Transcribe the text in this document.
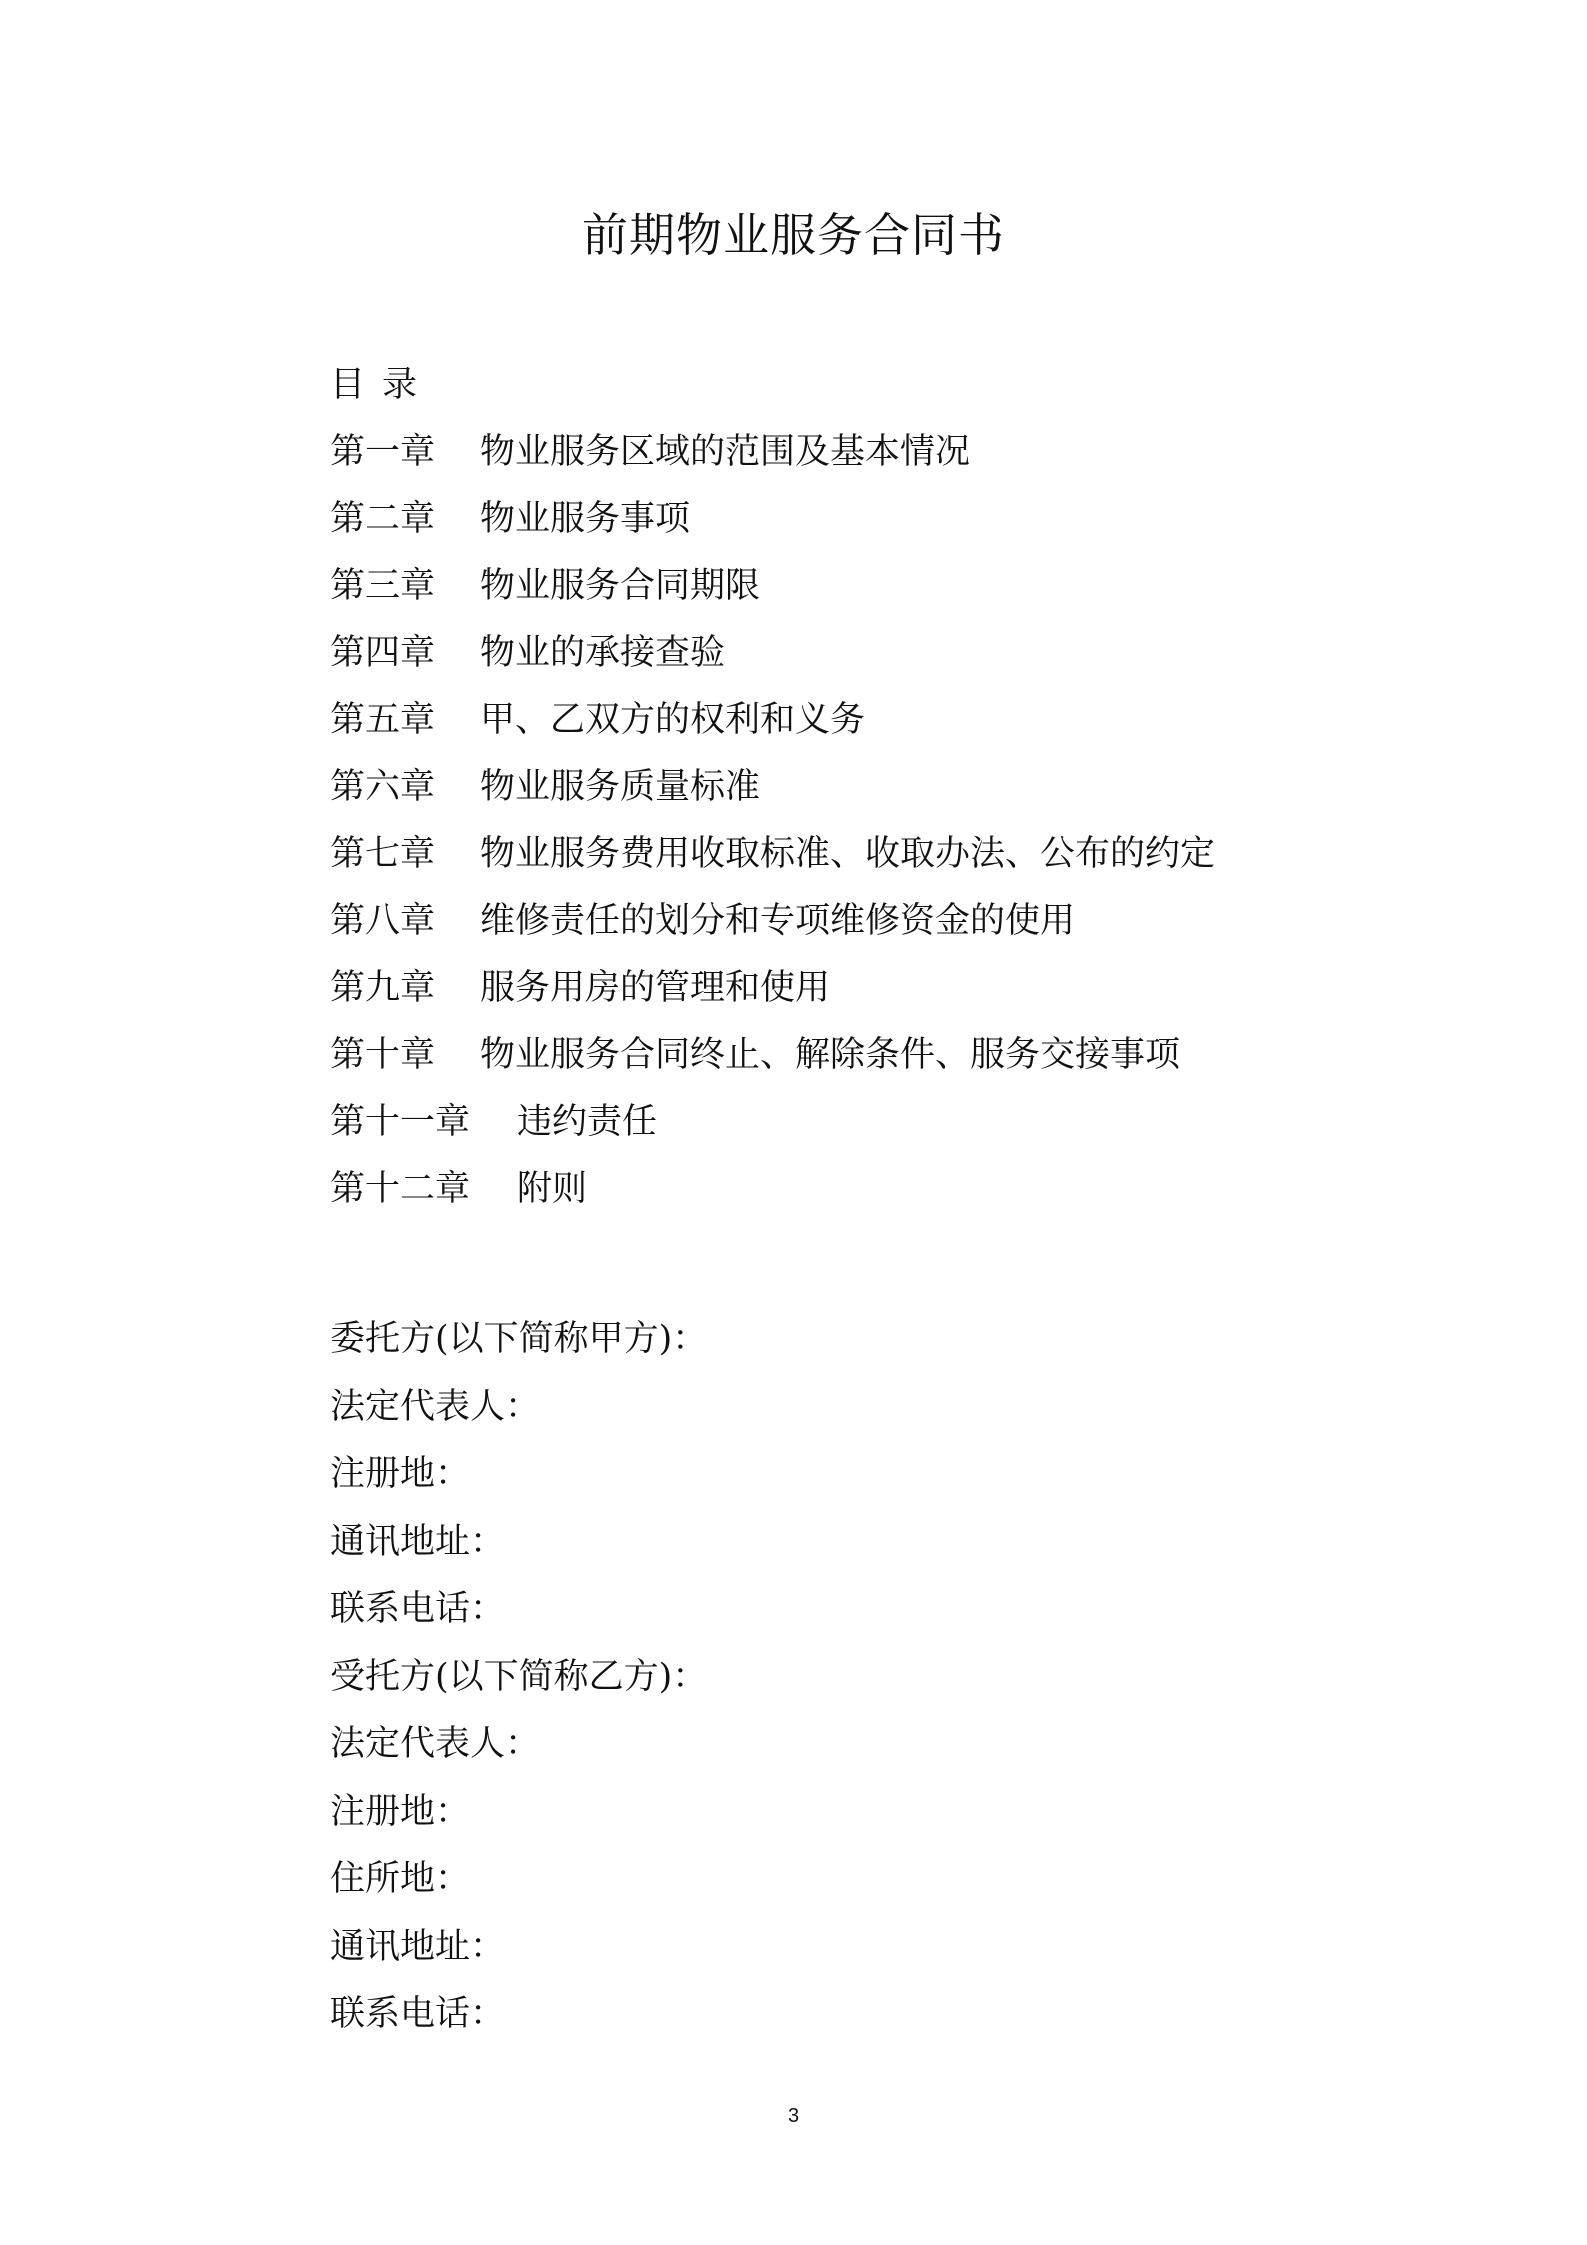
前期物业服务合同书
目 录
第一章 物业服务区域的范围及基本情况
第二章 物业服务事项
第三章 物业服务合同期限
第四章 物业的承接查验
第五章 甲、乙双方的权利和义务
第六章 物业服务质量标准
第七章 物业服务费用收取标准、收取办法、公布的约定
第八章 维修责任的划分和专项维修资金的使用
第九章 服务用房的管理和使用
第十章 物业服务合同终止、解除条件、服务交接事项
第十一章 违约责任
第十二章 附则
委托方(以下简称甲方)：
法定代表人：
注册地：
通讯地址：
联系电话：
受托方(以下简称乙方)：
法定代表人：
注册地：
住所地：
通讯地址：
联系电话：
3
